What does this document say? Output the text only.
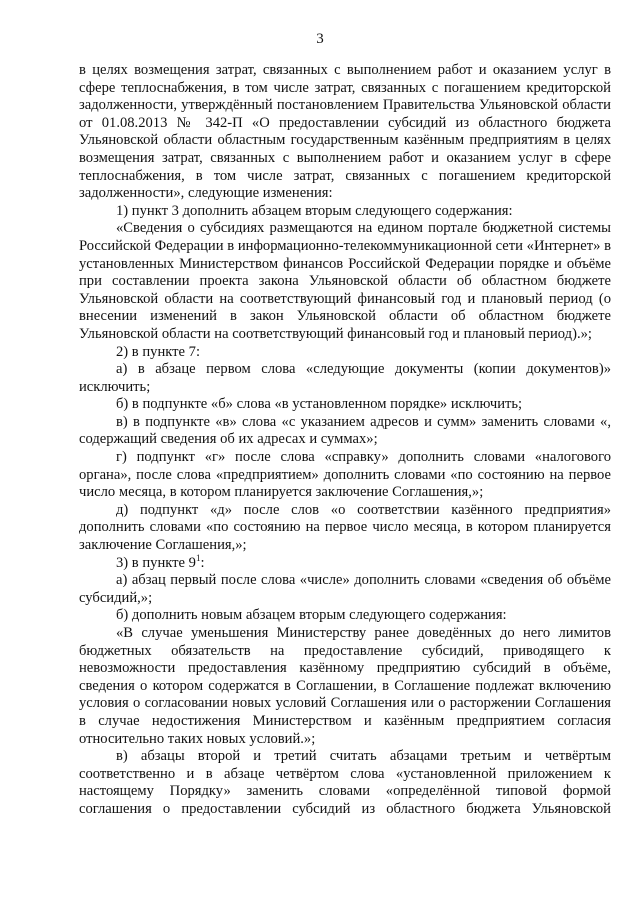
3

в целях возмещения затрат, связанных с выполнением работ и оказанием услуг в сфере теплоснабжения, в том числе затрат, связанных с погашением кредиторской задолженности, утверждённый постановлением Правительства Ульяновской области от 01.08.2013 № 342-П «О предоставлении субсидий из областного бюджета Ульяновской области областным государственным казённым предприятиям в целях возмещения затрат, связанных с выполнением работ и оказанием услуг в сфере теплоснабжения, в том числе затрат, связанных с погашением кредиторской задолженности», следующие изменения:

1) пункт 3 дополнить абзацем вторым следующего содержания:

«Сведения о субсидиях размещаются на едином портале бюджетной системы Российской Федерации в информационно-телекоммуникационной сети «Интернет» в установленных Министерством финансов Российской Федерации порядке и объёме при составлении проекта закона Ульяновской области об областном бюджете Ульяновской области на соответствующий финансовый год и плановый период (о внесении изменений в закон Ульяновской области об областном бюджете Ульяновской области на соответствующий финансовый год и плановый период).»;

2) в пункте 7:

а) в абзаце первом слова «следующие документы (копии документов)» исключить;

б) в подпункте «б» слова «в установленном порядке» исключить;

в) в подпункте «в» слова «с указанием адресов и сумм» заменить словами «, содержащий сведения об их адресах и суммах»;

г) подпункт «г» после слова «справку» дополнить словами «налогового органа», после слова «предприятием» дополнить словами «по состоянию на первое число месяца, в котором планируется заключение Соглашения,»;

д) подпункт «д» после слов «о соответствии казённого предприятия» дополнить словами «по состоянию на первое число месяца, в котором планируется заключение Соглашения,»;

3) в пункте $9^1$:

а) абзац первый после слова «числе» дополнить словами «сведения об объёме субсидий,»;

б) дополнить новым абзацем вторым следующего содержания:

«В случае уменьшения Министерству ранее доведённых до него лимитов бюджетных обязательств на предоставление субсидий, приводящего к невозможности предоставления казённому предприятию субсидий в объёме, сведения о котором содержатся в Соглашении, в Соглашение подлежат включению условия о согласовании новых условий Соглашения или о расторжении Соглашения в случае недостижения Министерством и казённым предприятием согласия относительно таких новых условий.»;

в) абзацы второй и третий считать абзацами третьим и четвёртым соответственно и в абзаце четвёртом слова «установленной приложением к настоящему Порядку» заменить словами «определённой типовой формой соглашения о предоставлении субсидий из областного бюджета Ульяновской
